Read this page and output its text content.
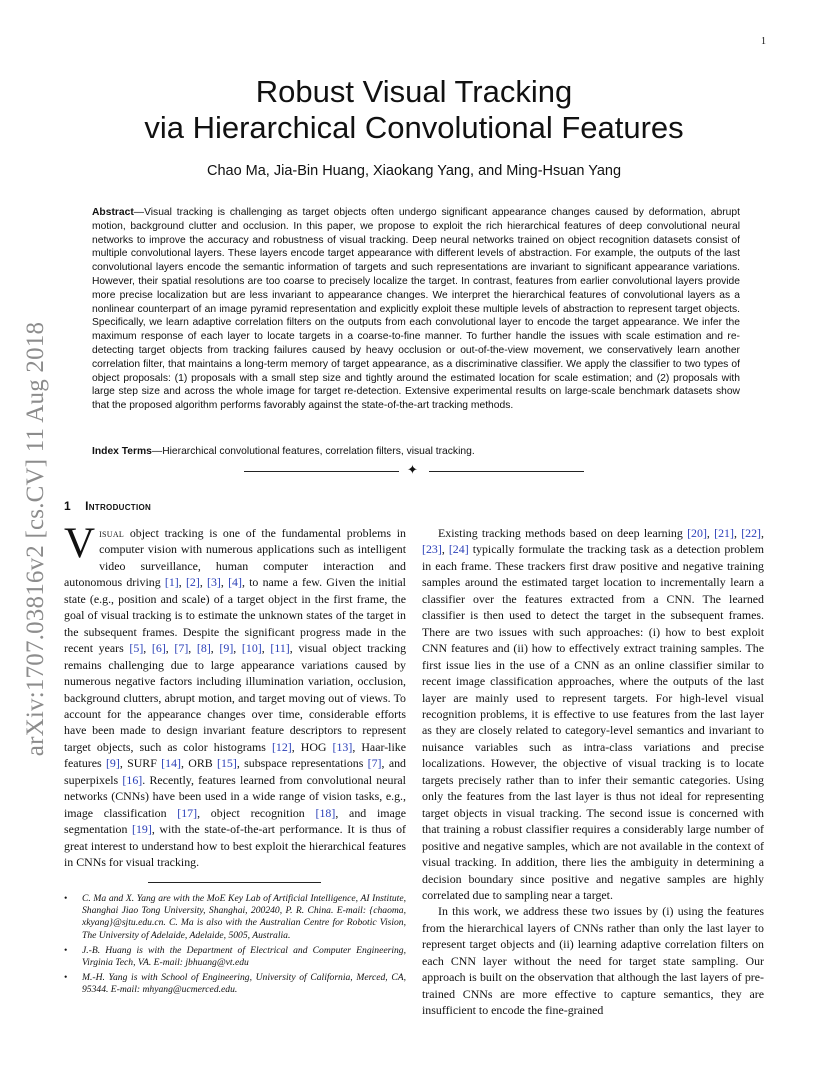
1
arXiv:1707.03816v2 [cs.CV] 11 Aug 2018
Robust Visual Tracking
via Hierarchical Convolutional Features
Chao Ma, Jia-Bin Huang, Xiaokang Yang, and Ming-Hsuan Yang
Abstract—Visual tracking is challenging as target objects often undergo significant appearance changes caused by deformation, abrupt motion, background clutter and occlusion. In this paper, we propose to exploit the rich hierarchical features of deep convolutional neural networks to improve the accuracy and robustness of visual tracking. Deep neural networks trained on object recognition datasets consist of multiple convolutional layers. These layers encode target appearance with different levels of abstraction. For example, the outputs of the last convolutional layers encode the semantic information of targets and such representations are invariant to significant appearance variations. However, their spatial resolutions are too coarse to precisely localize the target. In contrast, features from earlier convolutional layers provide more precise localization but are less invariant to appearance changes. We interpret the hierarchical features of convolutional layers as a nonlinear counterpart of an image pyramid representation and explicitly exploit these multiple levels of abstraction to represent target objects. Specifically, we learn adaptive correlation filters on the outputs from each convolutional layer to encode the target appearance. We infer the maximum response of each layer to locate targets in a coarse-to-fine manner. To further handle the issues with scale estimation and re-detecting target objects from tracking failures caused by heavy occlusion or out-of-the-view movement, we conservatively learn another correlation filter, that maintains a long-term memory of target appearance, as a discriminative classifier. We apply the classifier to two types of object proposals: (1) proposals with a small step size and tightly around the estimated location for scale estimation; and (2) proposals with large step size and across the whole image for target re-detection. Extensive experimental results on large-scale benchmark datasets show that the proposed algorithm performs favorably against the state-of-the-art tracking methods.
Index Terms—Hierarchical convolutional features, correlation filters, visual tracking.
✦
1 Introduction

Visual object tracking is one of the fundamental problems in computer vision with numerous applications such as intelligent video surveillance, human computer interaction and autonomous driving [1], [2], [3], [4], to name a few. Given the initial state (e.g., position and scale) of a target object in the first frame, the goal of visual tracking is to estimate the unknown states of the target in the subsequent frames. Despite the significant progress made in the recent years [5], [6], [7], [8], [9], [10], [11], visual object tracking remains challenging due to large appearance variations caused by numerous negative factors including illumination variation, occlusion, background clutters, abrupt motion, and target moving out of views. To account for the appearance changes over time, considerable efforts have been made to design invariant feature descriptors to represent target objects, such as color histograms [12], HOG [13], Haar-like features [9], SURF [14], ORB [15], subspace representations [7], and superpixels [16]. Recently, features learned from convolutional neural networks (CNNs) have been used in a wide range of vision tasks, e.g., image classification [17], object recognition [18], and image segmentation [19], with the state-of-the-art performance. It is thus of great interest to understand how to best exploit the hierarchical features in CNNs for visual tracking.

• C. Ma and X. Yang are with the MoE Key Lab of Artificial Intelligence, AI Institute, Shanghai Jiao Tong University, Shanghai, 200240, P. R. China. E-mail: {chaoma, xkyang}@sjtu.edu.cn. C. Ma is also with the Australian Centre for Robotic Vision, The University of Adelaide, Adelaide, 5005, Australia.
• J.-B. Huang is with the Department of Electrical and Computer Engineering, Virginia Tech, VA. E-mail: jbhuang@vt.edu
• M.-H. Yang is with School of Engineering, University of California, Merced, CA, 95344. E-mail: mhyang@ucmerced.edu.

Existing tracking methods based on deep learning [20], [21], [22], [23], [24] typically formulate the tracking task as a detection problem in each frame. These trackers first draw positive and negative training samples around the estimated target location to incrementally learn a classifier over the features extracted from a CNN. The learned classifier is then used to detect the target in the subsequent frames. There are two issues with such approaches: (i) how to best exploit CNN features and (ii) how to effectively extract training samples. The first issue lies in the use of a CNN as an online classifier similar to recent image classification approaches, where the outputs of the last layer are mainly used to represent targets. For high-level visual recognition problems, it is effective to use features from the last layer as they are closely related to category-level semantics and invariant to nuisance variables such as intra-class variations and precise localizations. However, the objective of visual tracking is to locate targets precisely rather than to infer their semantic categories. Using only the features from the last layer is thus not ideal for representing target objects in visual tracking. The second issue is concerned with that training a robust classifier requires a considerably large number of positive and negative samples, which are not available in the context of visual tracking. In addition, there lies the ambiguity in determining a decision boundary since positive and negative samples are highly correlated due to sampling near a target.

In this work, we address these two issues by (i) using the features from the hierarchical layers of CNNs rather than only the last layer to represent target objects and (ii) learning adaptive correlation filters on each CNN layer without the need for target state sampling. Our approach is built on the observation that although the last layers of pre-trained CNNs are more effective to capture semantics, they are insufficient to encode the fine-grained
